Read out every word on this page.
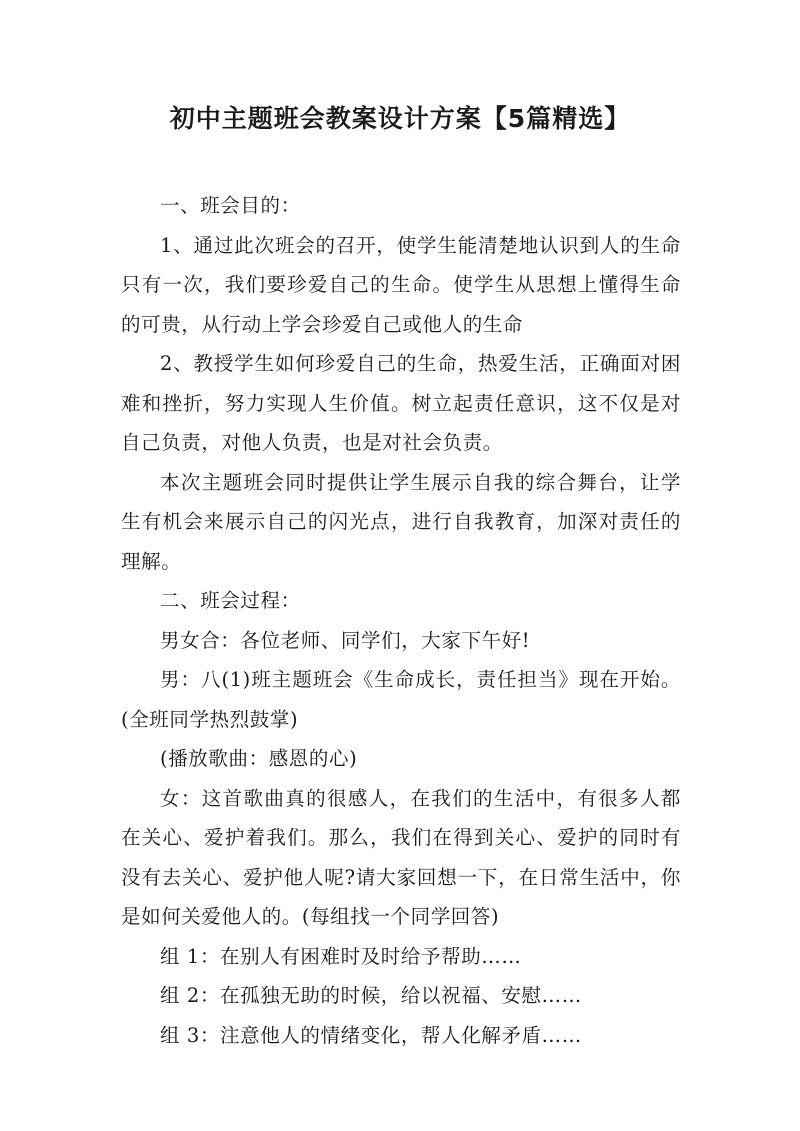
初中主题班会教案设计方案【5篇精选】

一、班会目的：

1、通过此次班会的召开，使学生能清楚地认识到人的生命只有一次，我们要珍爱自己的生命。使学生从思想上懂得生命的可贵，从行动上学会珍爱自己或他人的生命

2、教授学生如何珍爱自己的生命，热爱生活，正确面对困难和挫折，努力实现人生价值。树立起责任意识，这不仅是对自己负责，对他人负责，也是对社会负责。

本次主题班会同时提供让学生展示自我的综合舞台，让学生有机会来展示自己的闪光点，进行自我教育，加深对责任的理解。

二、班会过程：

男女合：各位老师、同学们，大家下午好!

男：八(1)班主题班会《生命成长，责任担当》现在开始。(全班同学热烈鼓掌)

(播放歌曲：感恩的心)

女：这首歌曲真的很感人，在我们的生活中，有很多人都在关心、爱护着我们。那么，我们在得到关心、爱护的同时有没有去关心、爱护他人呢?请大家回想一下，在日常生活中，你是如何关爱他人的。(每组找一个同学回答)

组 1：在别人有困难时及时给予帮助……

组 2：在孤独无助的时候，给以祝福、安慰……

组 3：注意他人的情绪变化，帮人化解矛盾……
